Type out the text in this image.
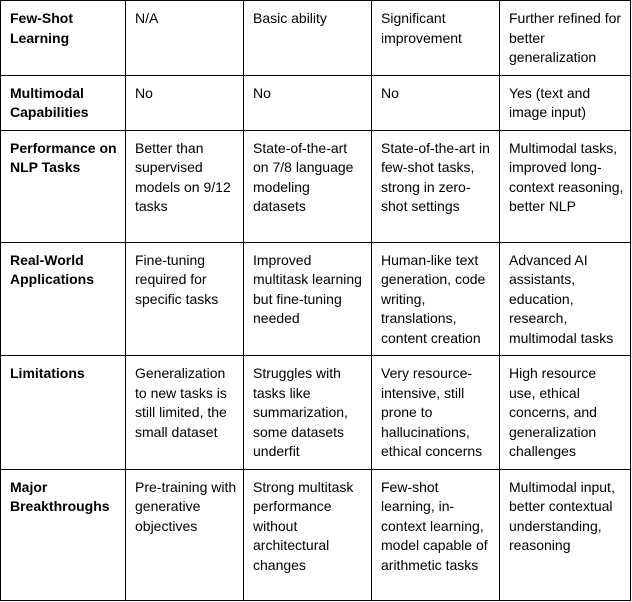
Few-Shot Learning	N/A	Basic ability	Significant improvement	Further refined for better generalization
Multimodal Capabilities	No	No	No	Yes (text and image input)
Performance on NLP Tasks	Better than supervised models on 9/12 tasks	State-of-the-art on 7/8 language modeling datasets	State-of-the-art in few-shot tasks, strong in zero-shot settings	Multimodal tasks, improved long-context reasoning, better NLP
Real-World Applications	Fine-tuning required for specific tasks	Improved multitask learning but fine-tuning needed	Human-like text generation, code writing, translations, content creation	Advanced AI assistants, education, research, multimodal tasks
Limitations	Generalization to new tasks is still limited, the small dataset	Struggles with tasks like summarization, some datasets underfit	Very resource-intensive, still prone to hallucinations, ethical concerns	High resource use, ethical concerns, and generalization challenges
Major Breakthroughs	Pre-training with generative objectives	Strong multitask performance without architectural changes	Few-shot learning, in-context learning, model capable of arithmetic tasks	Multimodal input, better contextual understanding, reasoning
